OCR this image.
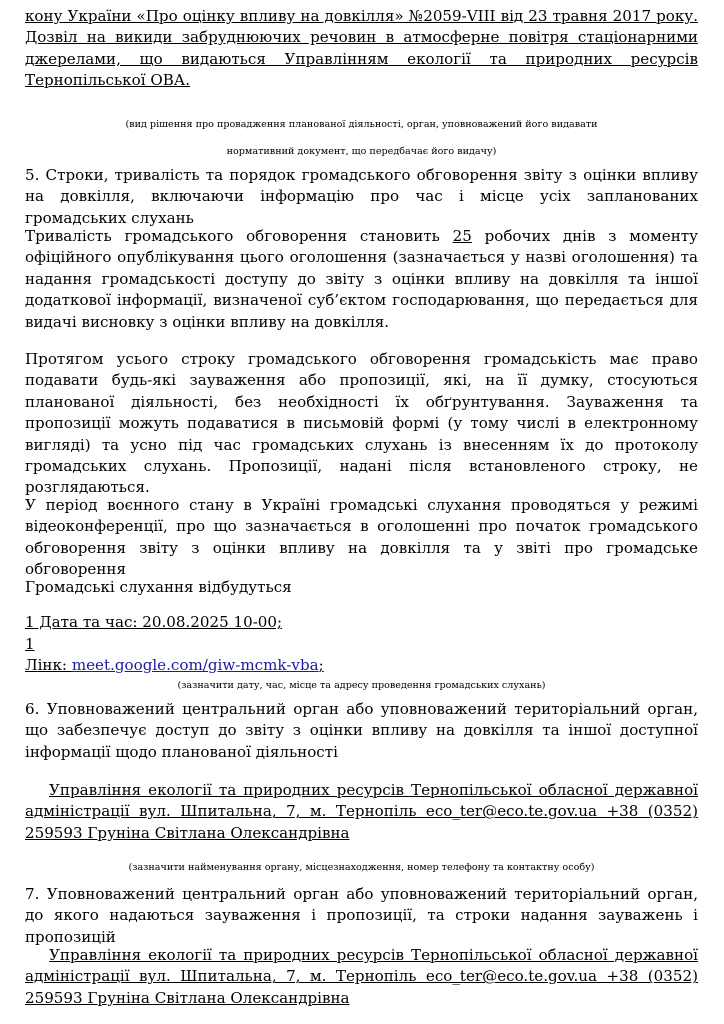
кону України «Про оцінку впливу на довкілля» №2059-VIII від 23 травня 2017 року. Дозвіл на викиди забруднюючих речовин в атмосферне повітря стаціонарними джерелами, що видаються Управлінням екології та природних ресурсів Тернопільської ОВА.

(вид рішення про провадження планованої діяльності, орган, уповноважений його видавати

нормативний документ, що передбачає його видачу)

5. Строки, тривалість та порядок громадського обговорення звіту з оцінки впливу на довкілля, включаючи інформацію про час і місце усіх запланованих громадських слухань

Тривалість громадського обговорення становить 25 робочих днів з моменту офіційного опублікування цього оголошення (зазначається у назві оголошення) та надання громадськості доступу до звіту з оцінки впливу на довкілля та іншої додаткової інформації, визначеної суб’єктом господарювання, що передається для видачі висновку з оцінки впливу на довкілля.

Протягом усього строку громадського обговорення громадськість має право подавати будь-які зауваження або пропозиції, які, на її думку, стосуються планованої діяльності, без необхідності їх обґрунтування. Зауваження та пропозиції можуть подаватися в письмовій формі (у тому числі в електронному вигляді) та усно під час громадських слухань із внесенням їх до протоколу громадських слухань. Пропозиції, надані після встановленого строку, не розглядаються.

У період воєнного стану в Україні громадські слухання проводяться у режимі відеоконференції, про що зазначається в оголошенні про початок громадського обговорення звіту з оцінки впливу на довкілля та у звіті про громадське обговорення

Громадські слухання відбудуться

1 Дата та час: 20.08.2025 10-00;

1

Лінк: meet.google.com/giw-mcmk-vba;

(зазначити дату, час, місце та адресу проведення громадських слухань)

6. Уповноважений центральний орган або уповноважений територіальний орган, що забезпечує доступ до звіту з оцінки впливу на довкілля та іншої доступної інформації щодо планованої діяльності

Управління екології та природних ресурсів Тернопільської обласної державної адміністрації вул. Шпитальна, 7, м. Тернопіль eco_ter@eco.te.gov.ua +38 (0352) 259593 Груніна Світлана Олександрівна

(зазначити найменування органу, місцезнаходження, номер телефону та контактну особу)

7. Уповноважений центральний орган або уповноважений територіальний орган, до якого надаються зауваження і пропозиції, та строки надання зауважень і пропозицій

Управління екології та природних ресурсів Тернопільської обласної державної адміністрації вул. Шпитальна, 7, м. Тернопіль eco_ter@eco.te.gov.ua +38 (0352) 259593 Груніна Світлана Олександрівна
